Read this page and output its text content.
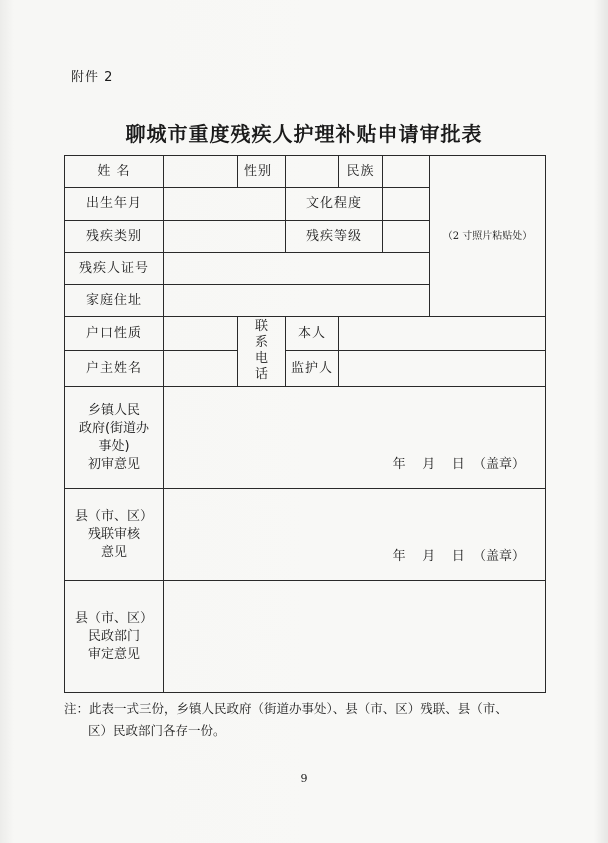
附件 2
聊城市重度残疾人护理补贴申请审批表
姓 名		性别		民族		（2 寸照片粘贴处）
出生年月			文化程度			
残疾类别			残疾等级			
残疾人证号						
家庭住址						
户口性质		联系电话	本人			
户主姓名			监护人			

乡镇人民
政府(街道办
事处)
初审意见	年    月    日  （盖章）					

县（市、区）
残联审核
意见	年    月    日  （盖章）					

县（市、区）
民政部门
审定意见						

注：此表一式三份，乡镇人民政府（街道办事处）、县（市、区）残联、县（市、
区）民政部门各存一份。
9
